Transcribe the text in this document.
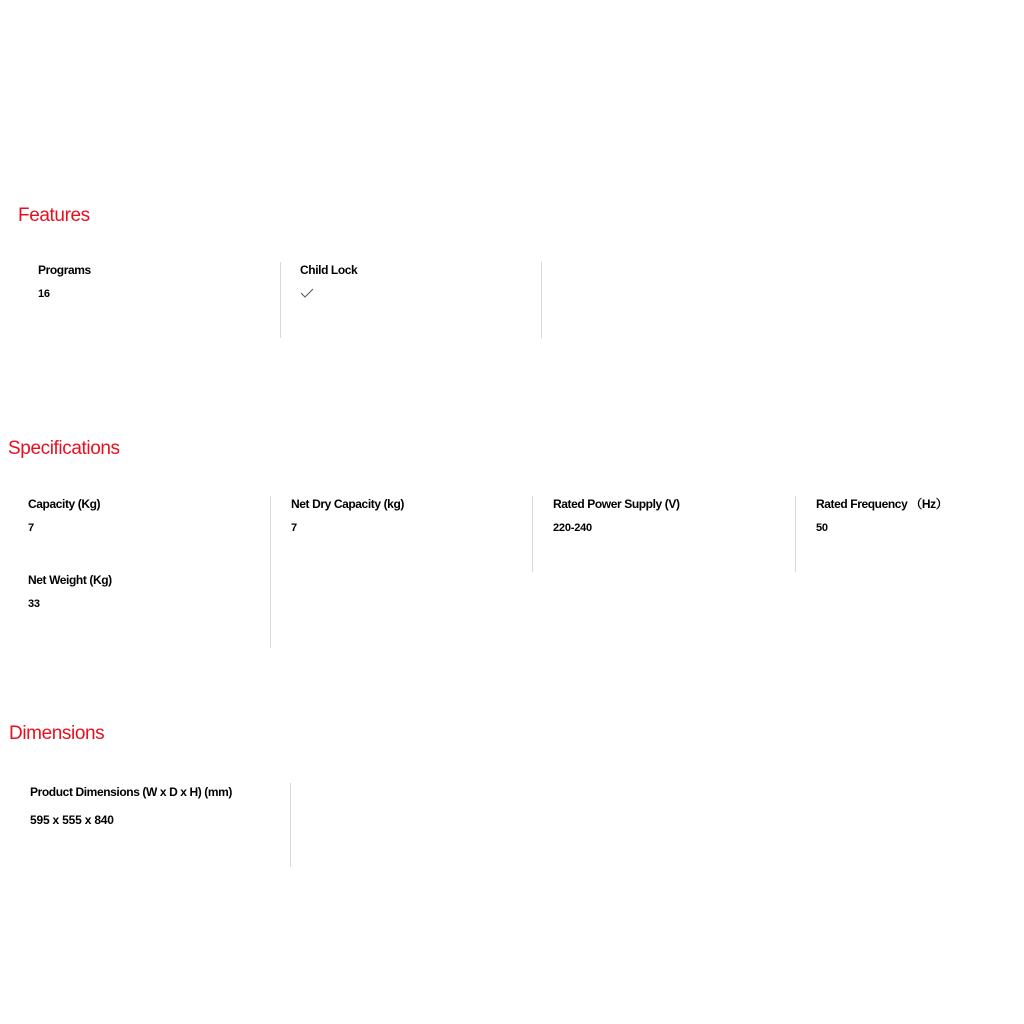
Features
Programs
16
Child Lock
Specifications
Capacity (Kg)
7
Net Weight (Kg)
33
Net Dry Capacity (kg)
7
Rated Power Supply (V)
220-240
Rated Frequency （Hz）
50
Dimensions
Product Dimensions (W x D x H) (mm)
595 x 555 x 840
